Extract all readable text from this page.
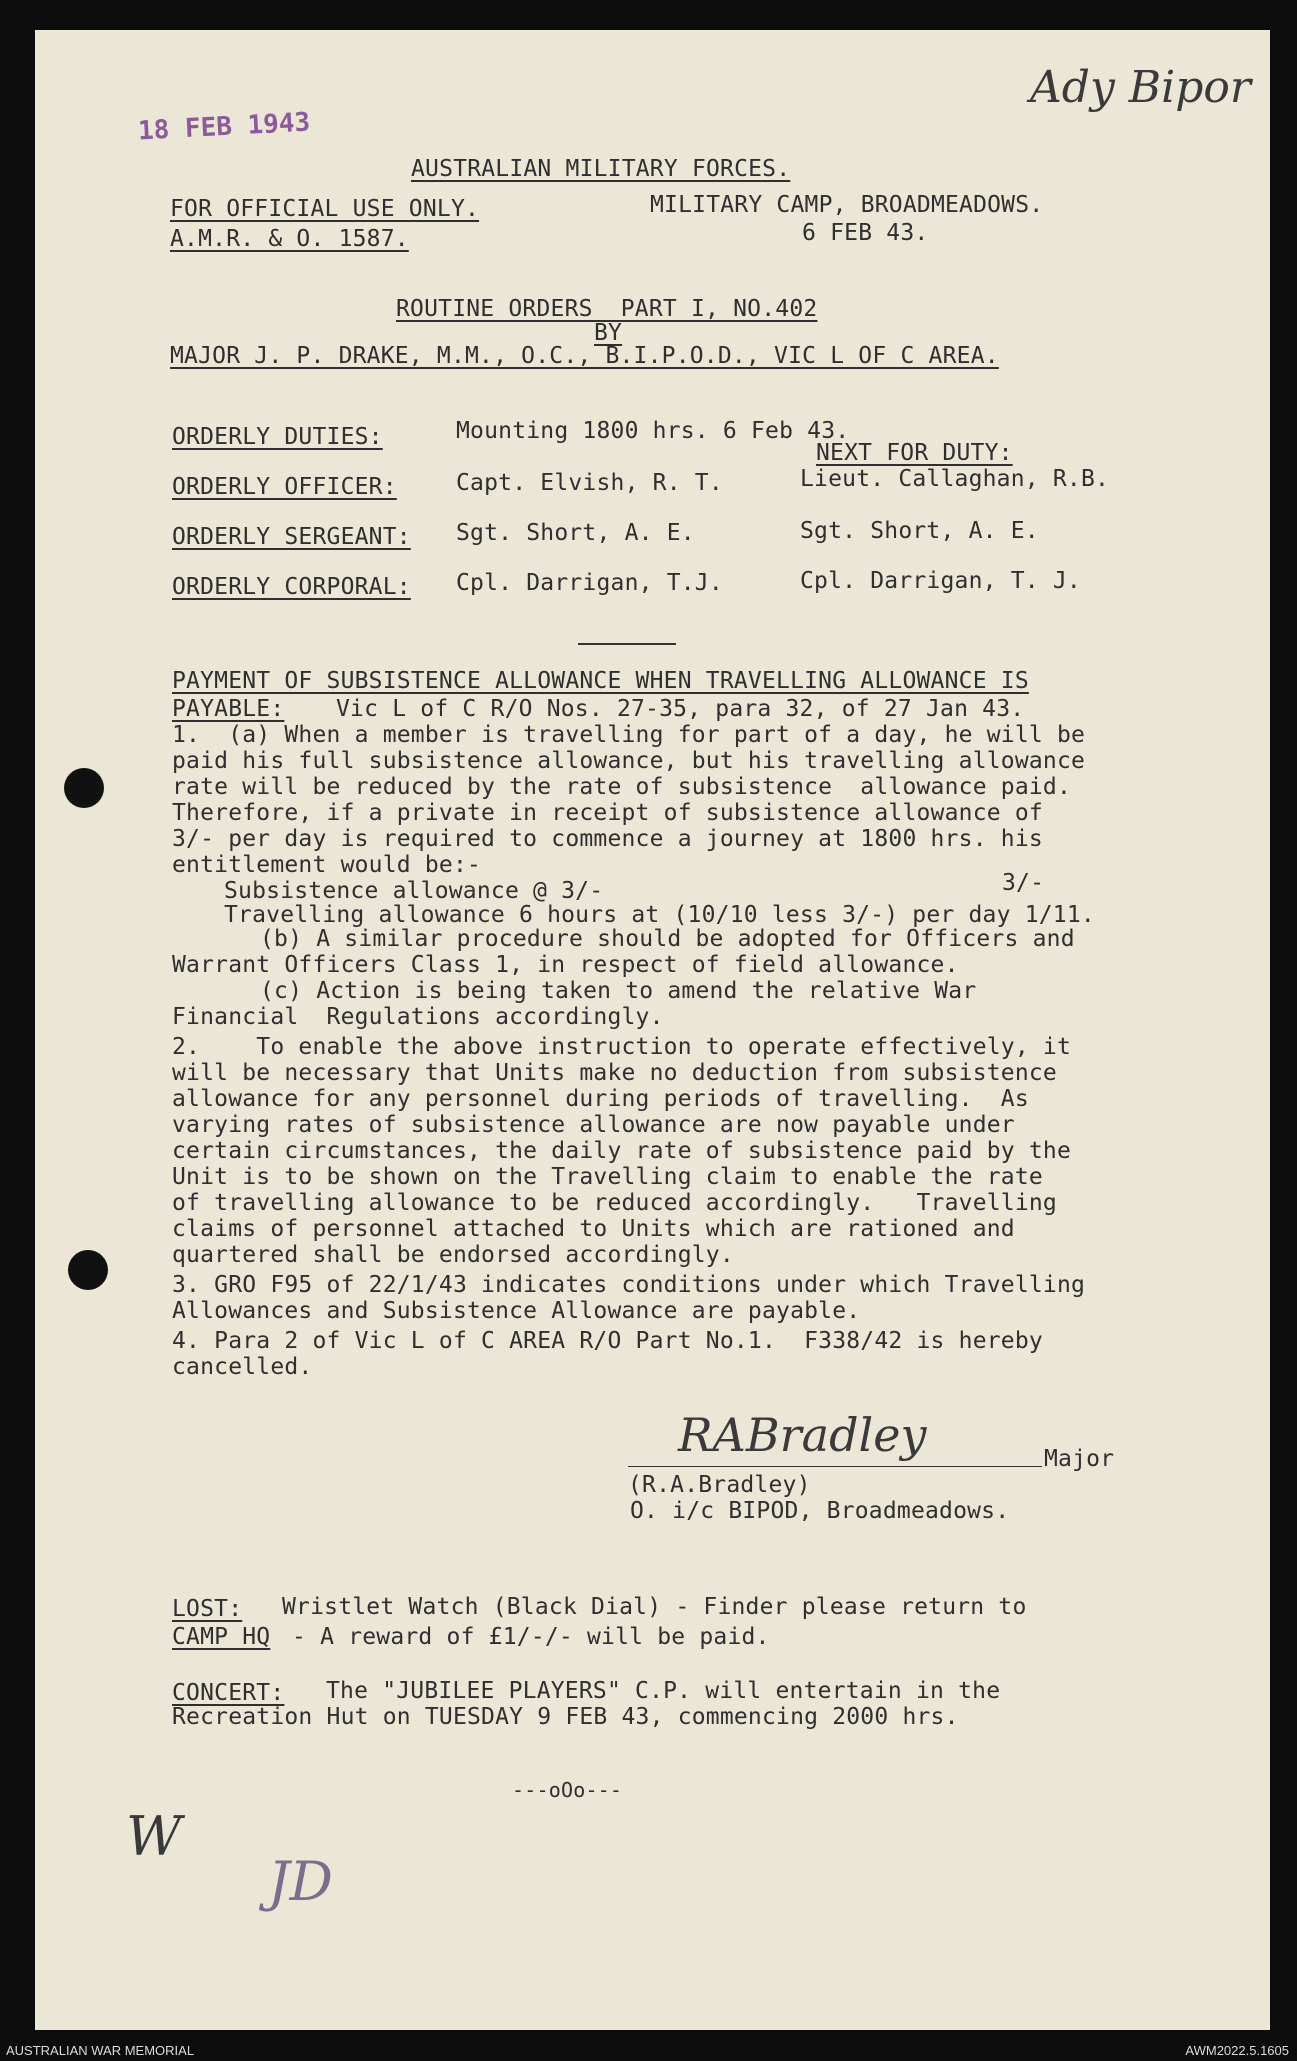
18 FEB 1943
Ady Bipor
W
JD
AUSTRALIAN MILITARY FORCES.
FOR OFFICIAL USE ONLY.	MILITARY CAMP, BROADMEADOWS.
A.M.R. & O. 1587.	6 FEB 43.
ROUTINE ORDERS  PART I, NO.402
BY
MAJOR J. P. DRAKE, M.M., O.C., B.I.P.O.D., VIC L OF C AREA.
ORDERLY DUTIES:	Mounting 1800 hrs. 6 Feb 43.
NEXT FOR DUTY:
ORDERLY OFFICER:	Capt. Elvish, R. T.	Lieut. Callaghan, R.B.
ORDERLY SERGEANT: Sgt. Short, A. E.	Sgt. Short, A. E.
ORDERLY CORPORAL: Cpl. Darrigan, T.J.	Cpl. Darrigan, T. J.
PAYMENT OF SUBSISTENCE ALLOWANCE WHEN TRAVELLING ALLOWANCE IS
PAYABLE: Vic L of C R/O Nos. 27-35, para 32, of 27 Jan 43.
1.  (a) When a member is travelling for part of a day, he will be
paid his full subsistence allowance, but his travelling allowance
rate will be reduced by the rate of subsistence  allowance paid.
Therefore, if a private in receipt of subsistence allowance of
3/- per day is required to commence a journey at 1800 hrs. his
entitlement would be:-
Subsistence allowance @ 3/-	3/-
Travelling allowance 6 hours at (10/10 less 3/-) per day 1/11.
(b) A similar procedure should be adopted for Officers and
Warrant Officers Class 1, in respect of field allowance.
(c) Action is being taken to amend the relative War
Financial  Regulations accordingly.
2.    To enable the above instruction to operate effectively, it
will be necessary that Units make no deduction from subsistence
allowance for any personnel during periods of travelling.  As
varying rates of subsistence allowance are now payable under
certain circumstances, the daily rate of subsistence paid by the
Unit is to be shown on the Travelling claim to enable the rate
of travelling allowance to be reduced accordingly.   Travelling
claims of personnel attached to Units which are rationed and
quartered shall be endorsed accordingly.
3. GRO F95 of 22/1/43 indicates conditions under which Travelling
Allowances and Subsistence Allowance are payable.
4. Para 2 of Vic L of C AREA R/O Part No.1.  F338/42 is hereby
cancelled.
RABradley	Major
(R.A.Bradley)
O. i/c BIPOD, Broadmeadows.
LOST: Wristlet Watch (Black Dial) - Finder please return to
CAMP HQ - A reward of £1/-/- will be paid.
CONCERT: The "JUBILEE PLAYERS" C.P. will entertain in the
Recreation Hut on TUESDAY 9 FEB 43, commencing 2000 hrs.
---oOo---
AUSTRALIAN WAR MEMORIAL	AWM2022.5.1605
